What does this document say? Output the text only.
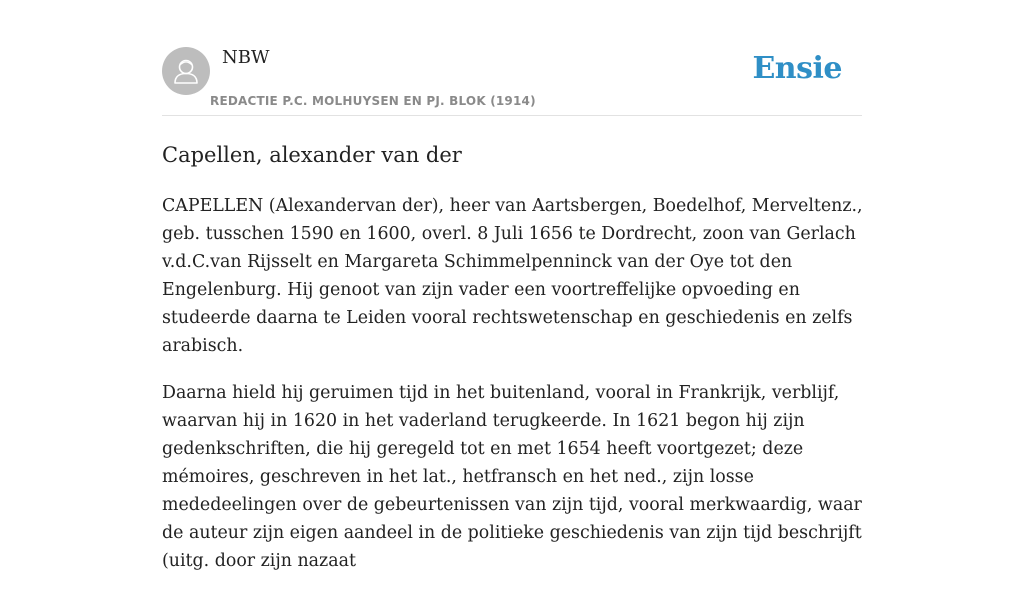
NBW
REDACTIE P.C. MOLHUYSEN EN PJ. BLOK (1914)
Ensie
Capellen, alexander van der

CAPELLEN (Alexandervan der), heer van Aartsbergen, Boedelhof, Merveltenz., geb. tusschen 1590 en 1600, overl. 8 Juli 1656 te Dordrecht, zoon van Gerlach v.d.C.van Rijsselt en Margareta Schimmelpenninck van der Oye tot den Engelenburg. Hij genoot van zijn vader een voortreffelijke opvoeding en studeerde daarna te Leiden vooral rechtswetenschap en geschiedenis en zelfs arabisch.

Daarna hield hij geruimen tijd in het buitenland, vooral in Frankrijk, verblijf, waarvan hij in 1620 in het vaderland terugkeerde. In 1621 begon hij zijn gedenkschriften, die hij geregeld tot en met 1654 heeft voortgezet; deze mémoires, geschreven in het lat., hetfransch en het ned., zijn losse mededeelingen over de gebeurtenissen van zijn tijd, vooral merkwaardig, waar de auteur zijn eigen aandeel in de politieke geschiedenis van zijn tijd beschrijft (uitg. door zijn nazaat
